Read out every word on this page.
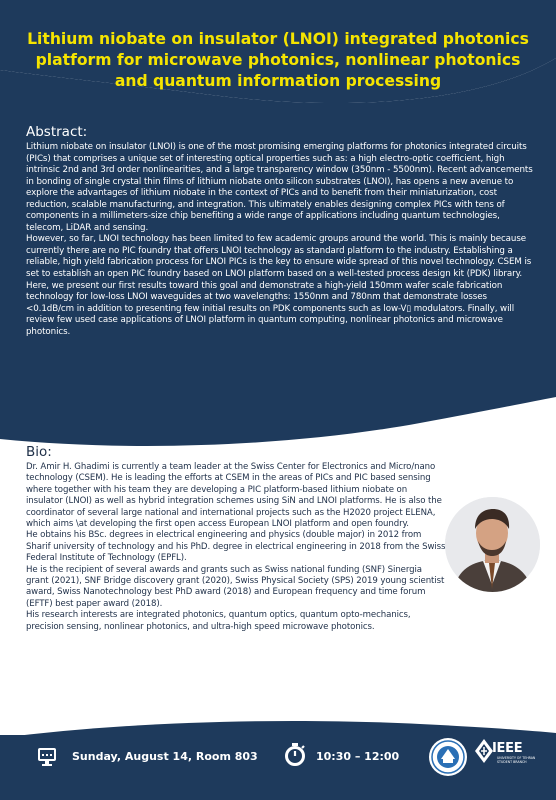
Lithium niobate on insulator (LNOI) integrated photonics platform for microwave photonics, nonlinear photonics and quantum information processing
Abstract:

Lithium niobate on insulator (LNOI) is one of the most promising emerging platforms for photonics integrated circuits (PICs) that comprises a unique set of interesting optical properties such as: a high electro-optic coefficient, high intrinsic 2nd and 3rd order nonlinearities, and a large transparency window (350nm - 5500nm). Recent advancements in bonding of single crystal thin films of lithium niobate onto silicon substrates (LNOI), has opens a new avenue to explore the advantages of lithium niobate in the context of PICs and to benefit from their miniaturization, cost reduction, scalable manufacturing, and integration. This ultimately enables designing complex PICs with tens of components in a millimeters-size chip benefiting a wide range of applications including quantum technologies, telecom, LiDAR and sensing.

However, so far, LNOI technology has been limited to few academic groups around the world. This is mainly because currently there are no PIC foundry that offers LNOI technology as standard platform to the industry. Establishing a reliable, high yield fabrication process for LNOI PICs is the key to ensure wide spread of this novel technology. CSEM is set to establish an open PIC foundry based on LNOI platform based on a well-tested process design kit (PDK) library. Here, we present our first results toward this goal and demonstrate a high-yield 150mm wafer scale fabrication technology for low-loss LNOI waveguides at two wavelengths: 1550nm and 780nm that demonstrate losses <0.1dB/cm in addition to presenting few initial results on PDK components such as low-V▯ modulators. Finally, will review few used case applications of LNOI platform in quantum computing, nonlinear photonics and microwave photonics.

Bio:

Dr. Amir H. Ghadimi is currently a team leader at the Swiss Center for Electronics and Micro/nano technology (CSEM). He is leading the efforts at CSEM in the areas of PICs and PIC based sensing where together with his team they are developing a PIC platform-based lithium niobate on insulator (LNOI) as well as hybrid integration schemes using SiN and LNOI platforms. He is also the coordinator of several large national and international projects such as the H2020 project ELENA, which aims \at developing the first open access European LNOI platform and open foundry.

He obtains his BSc. degrees in electrical engineering and physics (double major) in 2012 from Sharif university of technology and his PhD. degree in electrical engineering in 2018 from the Swiss Federal Institute of Technology (EPFL).

He is the recipient of several awards and grants such as Swiss national funding (SNF) Sinergia grant (2021), SNF Bridge discovery grant (2020), Swiss Physical Society (SPS) 2019 young scientist award, Swiss Nanotechnology best PhD award (2018) and European frequency and time forum (EFTF) best paper award (2018).

His research interests are integrated photonics, quantum optics, quantum opto-mechanics, precision sensing, nonlinear photonics, and ultra-high speed microwave photonics.

Sunday, August 14, Room 803	10:30 – 12:00
IEEE
UNIVERSITY OF TEHRAN STUDENT BRANCH
